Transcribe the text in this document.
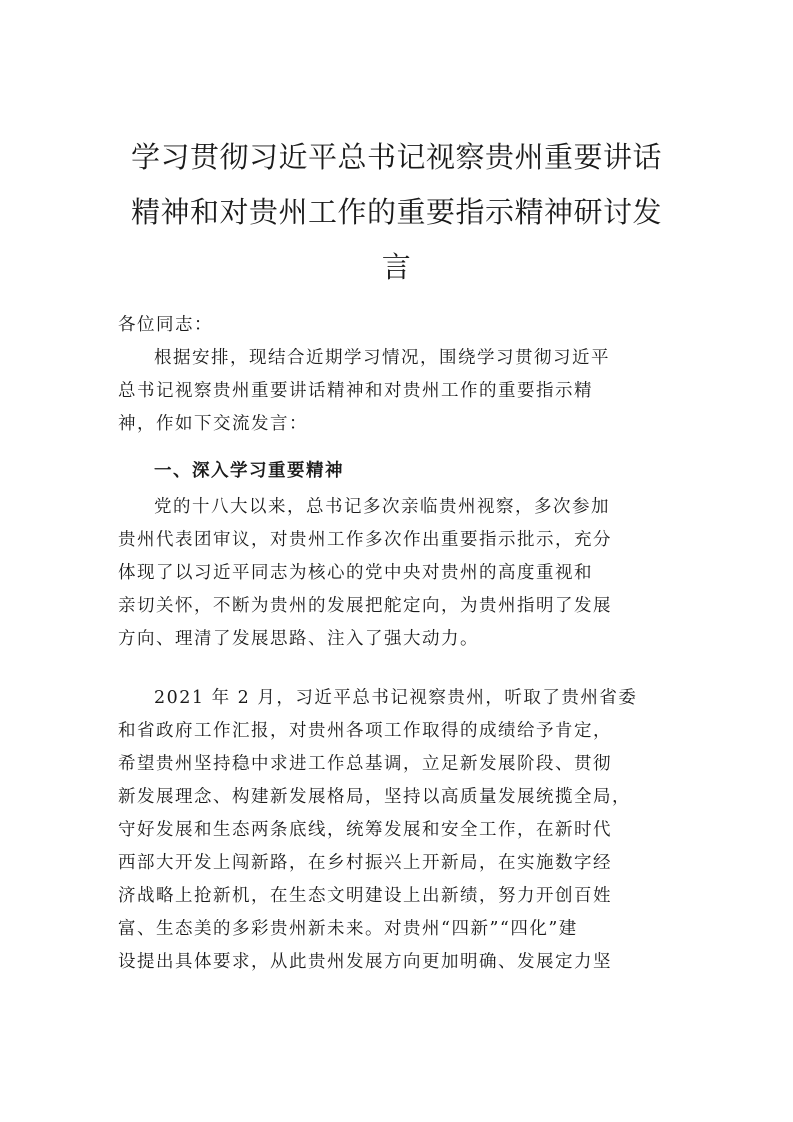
学习贯彻习近平总书记视察贵州重要讲话
精神和对贵州工作的重要指示精神研讨发
言

各位同志：

根据安排，现结合近期学习情况，围绕学习贯彻习近平
总书记视察贵州重要讲话精神和对贵州工作的重要指示精
神，作如下交流发言：

一、深入学习重要精神

党的十八大以来，总书记多次亲临贵州视察，多次参加
贵州代表团审议，对贵州工作多次作出重要指示批示，充分
体现了以习近平同志为核心的党中央对贵州的高度重视和
亲切关怀，不断为贵州的发展把舵定向，为贵州指明了发展
方向、理清了发展思路、注入了强大动力。

2021 年 2 月，习近平总书记视察贵州，听取了贵州省委
和省政府工作汇报，对贵州各项工作取得的成绩给予肯定，
希望贵州坚持稳中求进工作总基调，立足新发展阶段、贯彻
新发展理念、构建新发展格局，坚持以高质量发展统揽全局，
守好发展和生态两条底线，统筹发展和安全工作，在新时代
西部大开发上闯新路，在乡村振兴上开新局，在实施数字经
济战略上抢新机，在生态文明建设上出新绩，努力开创百姓
富、生态美的多彩贵州新未来。对贵州“四新”“四化”建
设提出具体要求，从此贵州发展方向更加明确、发展定力坚
